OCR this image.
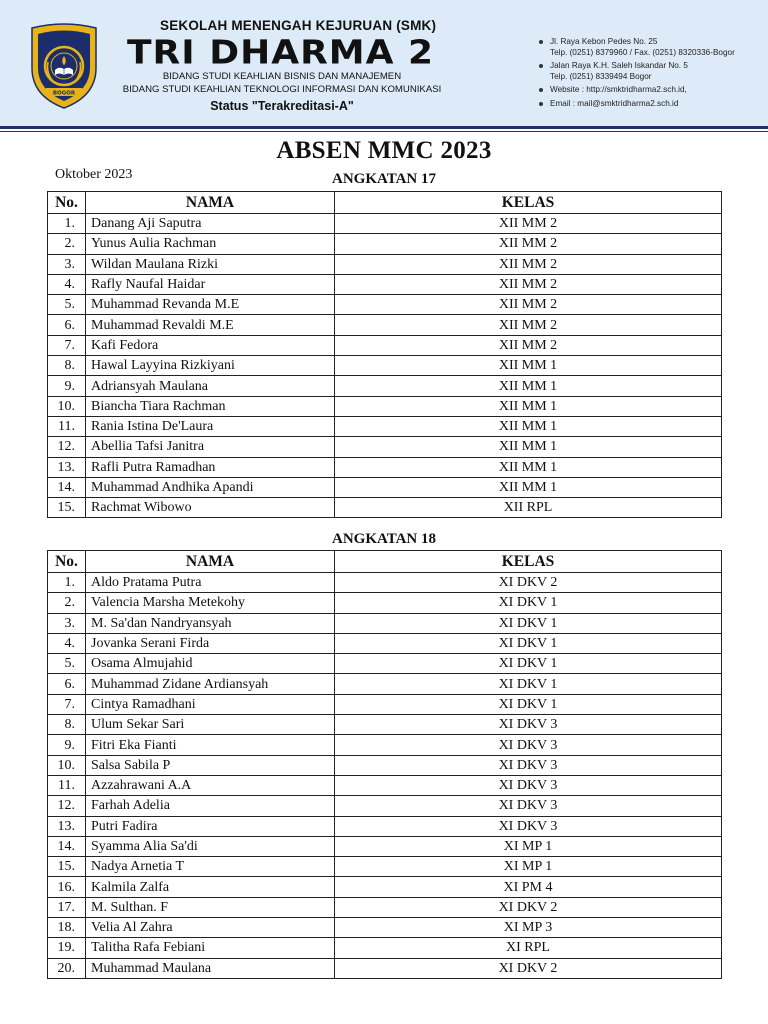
BOGOR
SEKOLAH MENENGAH KEJURUAN (SMK)
TRI DHARMA 2
BIDANG STUDI KEAHLIAN BISNIS DAN MANAJEMEN
BIDANG STUDI KEAHLIAN TEKNOLOGI INFORMASI DAN KOMUNIKASI
Status "Terakreditasi-A"
Jl. Raya Kebon Pedes No. 25
Telp. (0251) 8379960 / Fax. (0251) 8320336-Bogor
Jalan Raya K.H. Saleh Iskandar No. 5
Telp. (0251) 8339494 Bogor
Website : http://smktridharma2.sch.id,
Email : mail@smktridharma2.sch.id
ABSEN MMC 2023
Oktober 2023	ANGKATAN 17
No.	NAMA	KELAS
1.	Danang Aji Saputra	XII MM 2
2.	Yunus Aulia Rachman	XII MM 2
3.	Wildan Maulana Rizki	XII MM 2
4.	Rafly Naufal Haidar	XII MM 2
5.	Muhammad Revanda M.E	XII MM 2
6.	Muhammad Revaldi M.E	XII MM 2
7.	Kafi Fedora	XII MM 2
8.	Hawal Layyina Rizkiyani	XII MM 1
9.	Adriansyah Maulana	XII MM 1
10.	Biancha Tiara Rachman	XII MM 1
11.	Rania Istina De'Laura	XII MM 1
12.	Abellia Tafsi Janitra	XII MM 1
13.	Rafli Putra Ramadhan	XII MM 1
14.	Muhammad Andhika Apandi	XII MM 1
15.	Rachmat Wibowo	XII RPL
ANGKATAN 18
No.	NAMA	KELAS
1.	Aldo Pratama Putra	XI DKV 2
2.	Valencia Marsha Metekohy	XI DKV 1
3.	M. Sa'dan Nandryansyah	XI DKV 1
4.	Jovanka Serani Firda	XI DKV 1
5.	Osama Almujahid	XI DKV 1
6.	Muhammad Zidane Ardiansyah	XI DKV 1
7.	Cintya Ramadhani	XI DKV 1
8.	Ulum Sekar Sari	XI DKV 3
9.	Fitri Eka Fianti	XI DKV 3
10.	Salsa Sabila P	XI DKV 3
11.	Azzahrawani A.A	XI DKV 3
12.	Farhah Adelia	XI DKV 3
13.	Putri Fadira	XI DKV 3
14.	Syamma Alia Sa'di	XI MP 1
15.	Nadya Arnetia T	XI MP 1
16.	Kalmila Zalfa	XI PM 4
17.	M. Sulthan. F	XI DKV 2
18.	Velia Al Zahra	XI MP 3
19.	Talitha Rafa Febiani	XI RPL
20.	Muhammad Maulana	XI DKV 2
